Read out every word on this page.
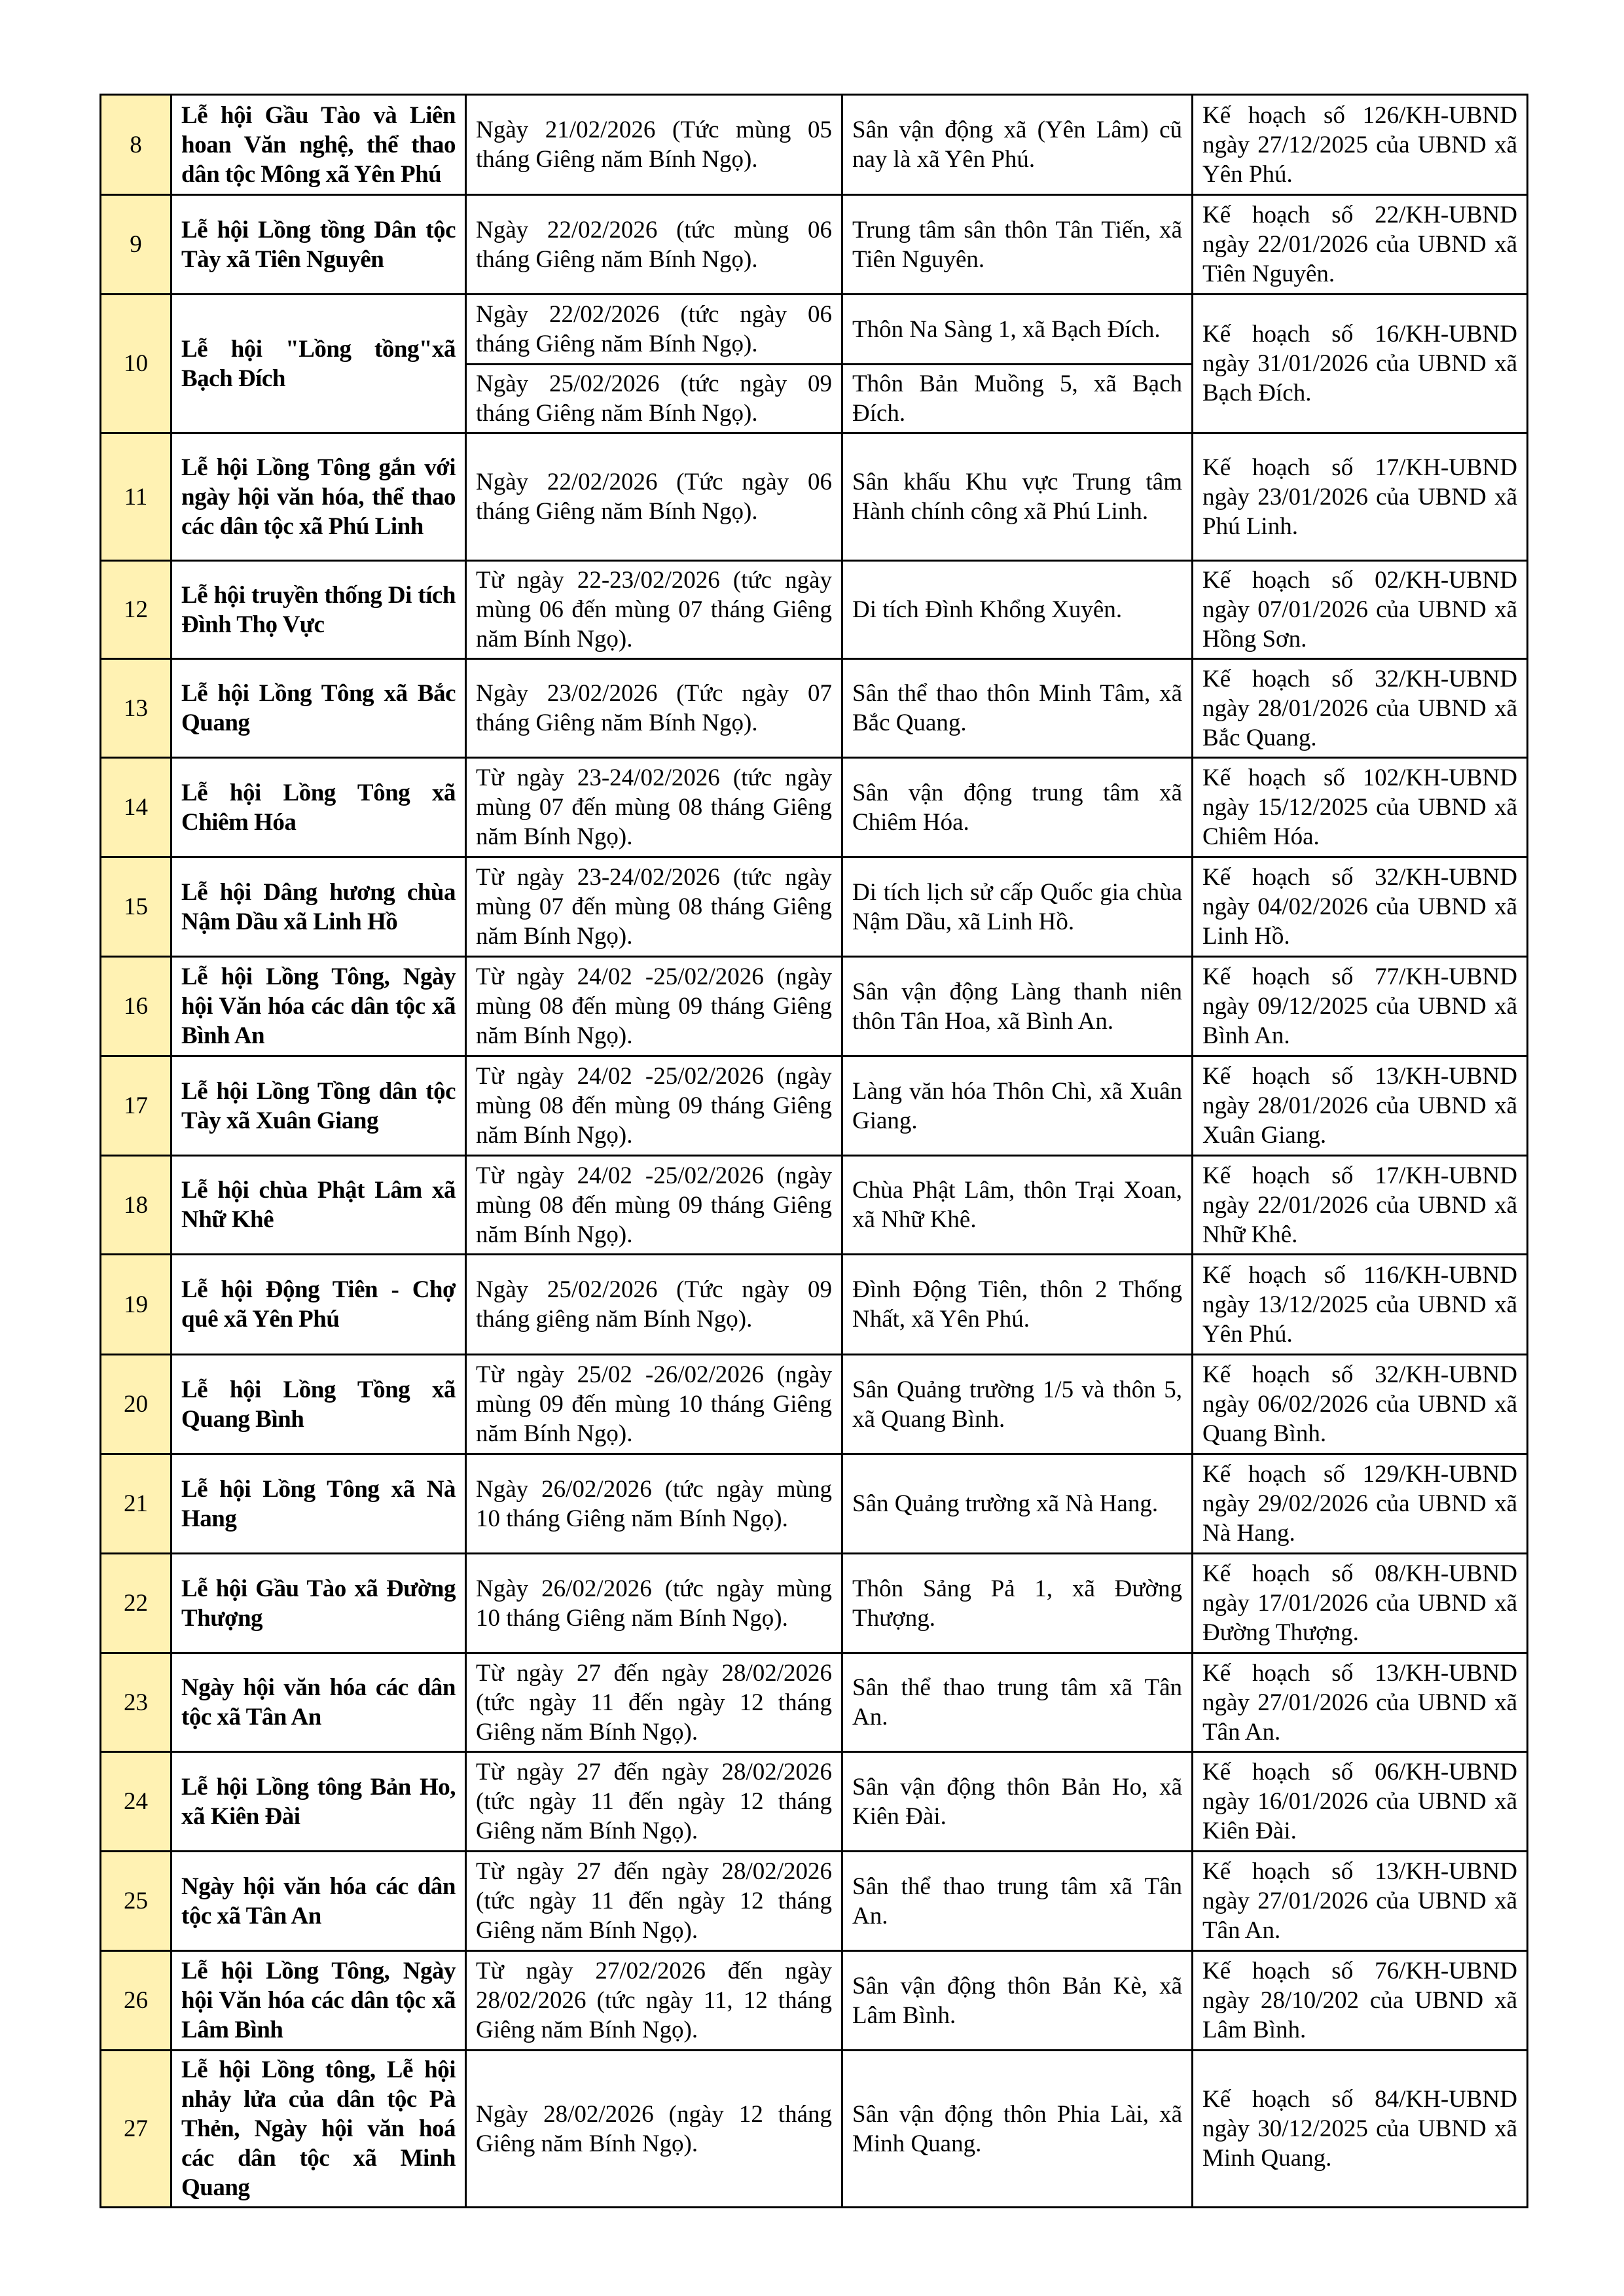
8	Lễ hội Gầu Tào và Liên hoan Văn nghệ, thể thao dân tộc Mông xã Yên Phú	Ngày 21/02/2026 (Tức mùng 05 tháng Giêng năm Bính Ngọ).	Sân vận động xã (Yên Lâm) cũ nay là xã Yên Phú.	Kế hoạch số 126/KH-UBND ngày 27/12/2025 của UBND xã Yên Phú.
9	Lễ hội Lồng tồng Dân tộc Tày xã Tiên Nguyên	Ngày 22/02/2026 (tức mùng 06 tháng Giêng năm Bính Ngọ).	Trung tâm sân thôn Tân Tiến, xã Tiên Nguyên.	Kế hoạch số 22/KH-UBND ngày 22/01/2026 của UBND xã Tiên Nguyên.
10	Lễ hội "Lồng tồng"xã Bạch Đích	Ngày 22/02/2026 (tức ngày 06 tháng Giêng năm Bính Ngọ).	Thôn Na Sàng 1, xã Bạch Đích.	Kế hoạch số 16/KH-UBND ngày 31/01/2026 của UBND xã Bạch Đích.
		Ngày 25/02/2026 (tức ngày 09 tháng Giêng năm Bính Ngọ).	Thôn Bản Muồng 5, xã Bạch Đích.	
11	Lễ hội Lồng Tông gắn với ngày hội văn hóa, thể thao các dân tộc xã Phú Linh	Ngày 22/02/2026 (Tức ngày 06 tháng Giêng năm Bính Ngọ).	Sân khấu Khu vực Trung tâm Hành chính công xã Phú Linh.	Kế hoạch số 17/KH-UBND ngày 23/01/2026 của UBND xã Phú Linh.
12	Lễ hội truyền thống Di tích Đình Thọ Vực	Từ ngày 22-23/02/2026 (tức ngày mùng 06 đến mùng 07 tháng Giêng năm Bính Ngọ).	Di tích Đình Khổng Xuyên.	Kế hoạch số 02/KH-UBND ngày 07/01/2026 của UBND xã Hồng Sơn.
13	Lễ hội Lồng Tông xã Bắc Quang	Ngày 23/02/2026 (Tức ngày 07 tháng Giêng năm Bính Ngọ).	Sân thể thao thôn Minh Tâm, xã Bắc Quang.	Kế hoạch số 32/KH-UBND ngày 28/01/2026 của UBND xã Bắc Quang.
14	Lễ hội Lồng Tông xã Chiêm Hóa	Từ ngày 23-24/02/2026 (tức ngày mùng 07 đến mùng 08 tháng Giêng năm Bính Ngọ).	Sân vận động trung tâm xã Chiêm Hóa.	Kế hoạch số 102/KH-UBND ngày 15/12/2025 của UBND xã Chiêm Hóa.
15	Lễ hội Dâng hương chùa Nậm Dầu xã Linh Hồ	Từ ngày 23-24/02/2026 (tức ngày mùng 07 đến mùng 08 tháng Giêng năm Bính Ngọ).	Di tích lịch sử cấp Quốc gia chùa Nậm Dầu, xã Linh Hồ.	Kế hoạch số 32/KH-UBND ngày 04/02/2026 của UBND xã Linh Hồ.
16	Lễ hội Lồng Tông, Ngày hội Văn hóa các dân tộc xã Bình An	Từ ngày 24/02 -25/02/2026 (ngày mùng 08 đến mùng 09 tháng Giêng năm Bính Ngọ).	Sân vận động Làng thanh niên thôn Tân Hoa, xã Bình An.	Kế hoạch số 77/KH-UBND ngày 09/12/2025 của UBND xã Bình An.
17	Lễ hội Lồng Tồng dân tộc Tày xã Xuân Giang	Từ ngày 24/02 -25/02/2026 (ngày mùng 08 đến mùng 09 tháng Giêng năm Bính Ngọ).	Làng văn hóa Thôn Chì, xã Xuân Giang.	Kế hoạch số 13/KH-UBND ngày 28/01/2026 của UBND xã Xuân Giang.
18	Lễ hội chùa Phật Lâm xã Nhữ Khê	Từ ngày 24/02 -25/02/2026 (ngày mùng 08 đến mùng 09 tháng Giêng năm Bính Ngọ).	Chùa Phật Lâm, thôn Trại Xoan, xã Nhữ Khê.	Kế hoạch số 17/KH-UBND ngày 22/01/2026 của UBND xã Nhữ Khê.
19	Lễ hội Động Tiên - Chợ quê xã Yên Phú	Ngày 25/02/2026 (Tức ngày 09 tháng giêng năm Bính Ngọ).	Đình Động Tiên, thôn 2 Thống Nhất, xã Yên Phú.	Kế hoạch số 116/KH-UBND ngày 13/12/2025 của UBND xã Yên Phú.
20	Lễ hội Lồng Tồng xã Quang Bình	Từ ngày 25/02 -26/02/2026 (ngày mùng 09 đến mùng 10 tháng Giêng năm Bính Ngọ).	Sân Quảng trường 1/5 và thôn 5, xã Quang Bình.	Kế hoạch số 32/KH-UBND ngày 06/02/2026 của UBND xã Quang Bình.
21	Lễ hội Lồng Tông xã Nà Hang	Ngày 26/02/2026 (tức ngày mùng 10 tháng Giêng năm Bính Ngọ).	Sân Quảng trường xã Nà Hang.	Kế hoạch số 129/KH-UBND ngày 29/02/2026 của UBND xã Nà Hang.
22	Lễ hội Gầu Tào xã Đường Thượng	Ngày 26/02/2026 (tức ngày mùng 10 tháng Giêng năm Bính Ngọ).	Thôn Sảng Pả 1, xã Đường Thượng.	Kế hoạch số 08/KH-UBND ngày 17/01/2026 của UBND xã Đường Thượng.
23	Ngày hội văn hóa các dân tộc xã Tân An	Từ ngày 27 đến ngày 28/02/2026 (tức ngày 11 đến ngày 12 tháng Giêng năm Bính Ngọ).	Sân thể thao trung tâm xã Tân An.	Kế hoạch số 13/KH-UBND ngày 27/01/2026 của UBND xã Tân An.
24	Lễ hội Lồng tông Bản Ho, xã Kiên Đài	Từ ngày 27 đến ngày 28/02/2026 (tức ngày 11 đến ngày 12 tháng Giêng năm Bính Ngọ).	Sân vận động thôn Bản Ho, xã Kiên Đài.	Kế hoạch số 06/KH-UBND ngày 16/01/2026 của UBND xã Kiên Đài.
25	Ngày hội văn hóa các dân tộc xã Tân An	Từ ngày 27 đến ngày 28/02/2026 (tức ngày 11 đến ngày 12 tháng Giêng năm Bính Ngọ).	Sân thể thao trung tâm xã Tân An.	Kế hoạch số 13/KH-UBND ngày 27/01/2026 của UBND xã Tân An.
26	Lễ hội Lồng Tông, Ngày hội Văn hóa các dân tộc xã Lâm Bình	Từ ngày 27/02/2026 đến ngày 28/02/2026 (tức ngày 11, 12 tháng Giêng năm Bính Ngọ).	Sân vận động thôn Bản Kè, xã Lâm Bình.	Kế hoạch số 76/KH-UBND ngày 28/10/202 của UBND xã Lâm Bình.
27	Lễ hội Lồng tông, Lễ hội nhảy lửa của dân tộc Pà Thẻn, Ngày hội văn hoá các dân tộc xã Minh Quang	Ngày 28/02/2026 (ngày 12 tháng Giêng năm Bính Ngọ).	Sân vận động thôn Phia Lài, xã Minh Quang.	Kế hoạch số 84/KH-UBND ngày 30/12/2025 của UBND xã Minh Quang.
